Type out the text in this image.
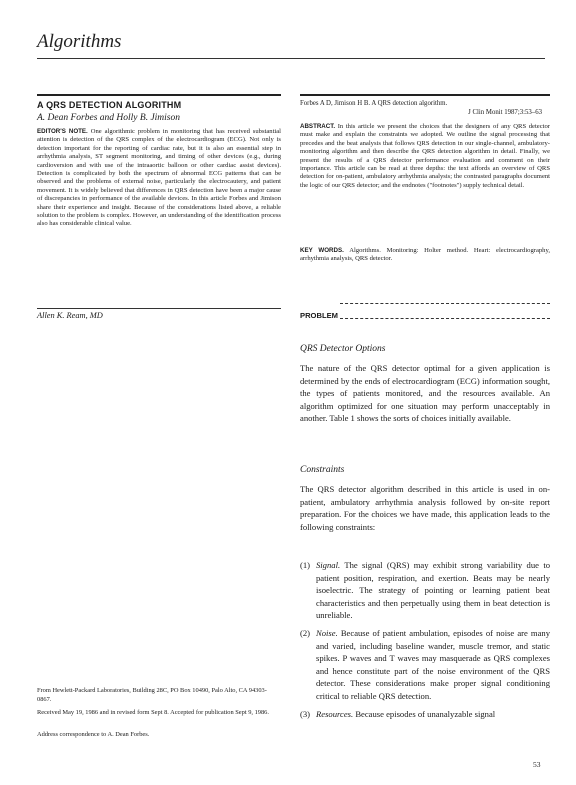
Algorithms
A QRS DETECTION ALGORITHM
A. Dean Forbes and Holly B. Jimison
EDITOR'S NOTE. One algorithmic problem in monitoring that has received substantial attention is detection of the QRS complex of the electrocardiogram (ECG). Not only is detection important for the reporting of cardiac rate, but it is also an essential step in arrhythmia analysis, ST segment monitoring, and timing of other devices (e.g., during cardioversion and with use of the intraaortic balloon or other cardiac assist devices). Detection is complicated by both the spectrum of abnormal ECG patterns that can be observed and the problems of external noise, particularly the electrocautery, and patient movement. It is widely believed that differences in QRS detection have been a major cause of discrepancies in performance of the available devices. In this article Forbes and Jimison share their experience and insight. Because of the considerations listed above, a reliable solution to the problem is complex. However, an understanding of the identification process also has considerable clinical value.
Allen K. Ream, MD
From Hewlett-Packard Laboratories, Building 28C, PO Box 10490, Palo Alto, CA 94303-0867.
Received May 19, 1986 and in revised form Sept 8. Accepted for publication Sept 9, 1986.
Address correspondence to A. Dean Forbes.
Forbes A D, Jimison H B. A QRS detection algorithm.
J Clin Monit 1987;3:53–63
ABSTRACT. In this article we present the choices that the designers of any QRS detector must make and explain the constraints we adopted. We outline the signal processing that precedes and the beat analysis that follows QRS detection in our single-channel, ambulatory-monitoring algorithm and then describe the QRS detection algorithm in detail. Finally, we present the results of a QRS detector performance evaluation and comment on their importance. This article can be read at three depths: the text affords an overview of QRS detection for on-patient, ambulatory arrhythmia analysis; the contrasted paragraphs document the logic of our QRS detector; and the endnotes ("footnotes") supply technical detail.
KEY WORDS. Algorithms. Monitoring: Holter method. Heart: electrocardiography, arrhythmia analysis, QRS detector.
PROBLEM
QRS Detector Options
The nature of the QRS detector optimal for a given application is determined by the ends of electrocardiogram (ECG) information sought, the types of patients monitored, and the resources available. An algorithm optimized for one situation may perform unacceptably in another. Table 1 shows the sorts of choices initially available.
Constraints
The QRS detector algorithm described in this article is used in on-patient, ambulatory arrhythmia analysis followed by on-site report preparation. For the choices we have made, this application leads to the following constraints:
(1) Signal. The signal (QRS) may exhibit strong variability due to patient position, respiration, and exertion. Beats may be nearly isoelectric. The strategy of pointing or learning patient beat characteristics and then perpetually using them in beat detection is unreliable.
(2) Noise. Because of patient ambulation, episodes of noise are many and varied, including baseline wander, muscle tremor, and static spikes. P waves and T waves may masquerade as QRS complexes and hence constitute part of the noise environment of the QRS detector. These considerations make proper signal conditioning critical to reliable QRS detection.
(3) Resources. Because episodes of unanalyzable signal
53
